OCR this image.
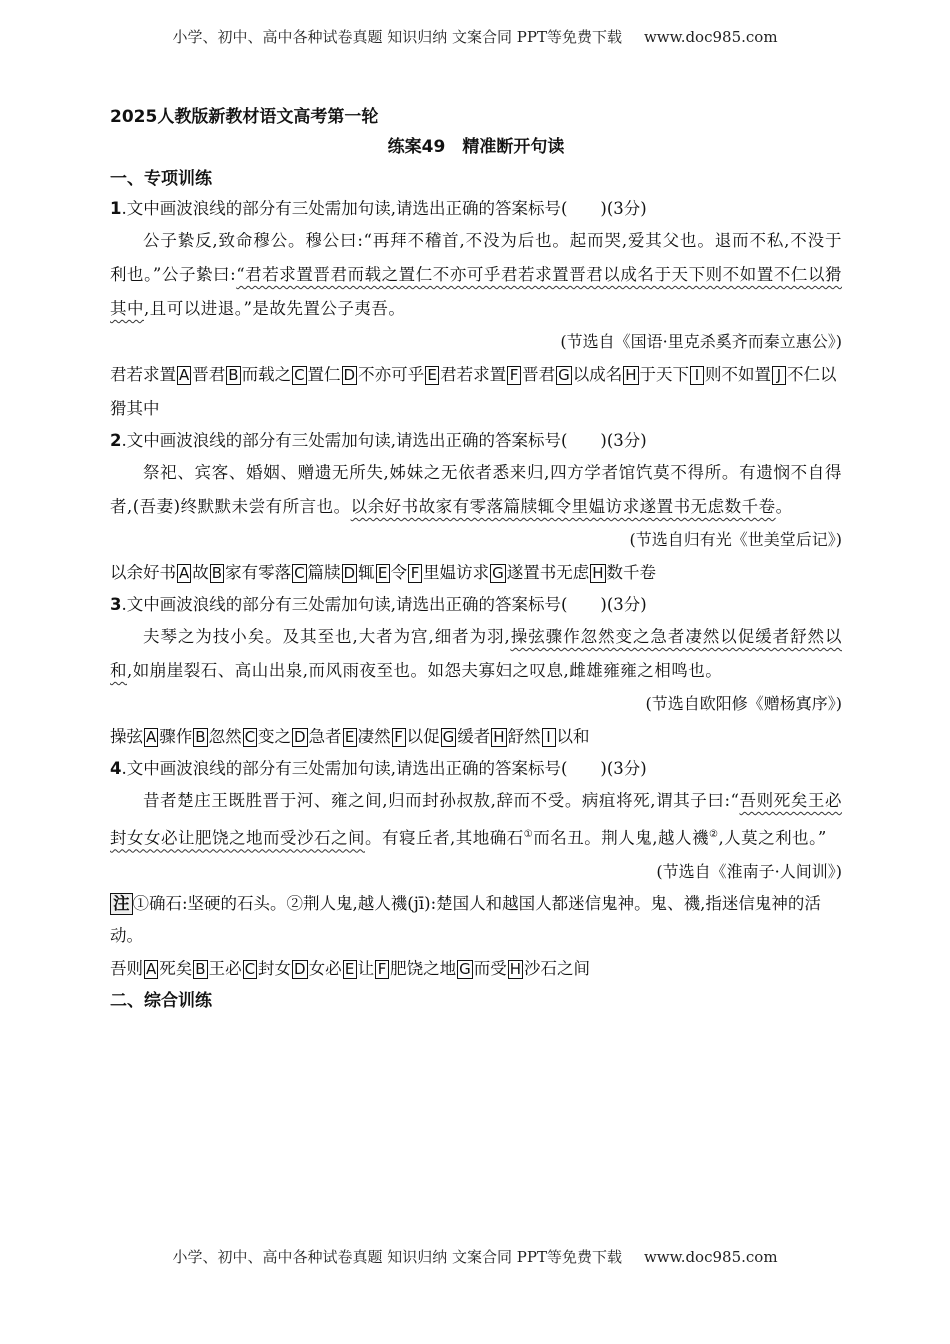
小学、初中、高中各种试卷真题 知识归纳 文案合同 PPT等免费下载 www.doc985.com
2025人教版新教材语文高考第一轮
练案49　精准断开句读
一、专项训练
1.文中画波浪线的部分有三处需加句读,请选出正确的答案标号(　　)(3分)
公子絷反,致命穆公。穆公曰:“再拜不稽首,不没为后也。起而哭,爱其父也。退而不私,不没于利也。”公子絷曰:“君若求置晋君而载之置仁不亦可乎君若求置晋君以成名于天下则不如置不仁以猾其中,且可以进退。”是故先置公子夷吾。
(节选自《国语·里克杀奚齐而秦立惠公》)
君若求置 A 晋君 B 而载之 C 置仁 D 不亦可乎 E 君若求置 F 晋君 G 以成名 H 于天下 I 则不如置 J 不仁以猾其中
2.文中画波浪线的部分有三处需加句读,请选出正确的答案标号(　　)(3分)
祭祀、宾客、婚姻、赠遗无所失,姊妹之无依者悉来归,四方学者馆饩莫不得所。有遗悯不自得者,(吾妻)终默默未尝有所言也。以余好书故家有零落篇牍辄令里媪访求遂置书无虑数千卷。
(节选自归有光《世美堂后记》)
以余好书 A 故 B 家有零落 C 篇牍 D 辄 E 令 F 里媪访求 G 遂置书无虑 H 数千卷
3.文中画波浪线的部分有三处需加句读,请选出正确的答案标号(　　)(3分)
夫琴之为技小矣。及其至也,大者为宫,细者为羽,操弦骤作忽然变之急者凄然以促缓者舒然以和,如崩崖裂石、高山出泉,而风雨夜至也。如怨夫寡妇之叹息,雌雄雍雍之相鸣也。
(节选自欧阳修《赠杨寘序》)
操弦 A 骤作 B 忽然 C 变之 D 急者 E 凄然 F 以促 G 缓者 H 舒然 I 以和
4.文中画波浪线的部分有三处需加句读,请选出正确的答案标号(　　)(3分)
昔者楚庄王既胜晋于河、雍之间,归而封孙叔敖,辞而不受。病疽将死,谓其子曰:“吾则死矣王必封女女必让肥饶之地而受沙石之间。有寝丘者,其地确石①而名丑。荆人鬼,越人禨②,人莫之利也。”
(节选自《淮南子·人间训》)
注 ①确石:坚硬的石头。②荆人鬼,越人禨(jī):楚国人和越国人都迷信鬼神。鬼、禨,指迷信鬼神的活动。
吾则 A 死矣 B 王必 C 封女 D 女必 E 让 F 肥饶之地 G 而受 H 沙石之间
二、综合训练
小学、初中、高中各种试卷真题 知识归纳 文案合同 PPT等免费下载 www.doc985.com
